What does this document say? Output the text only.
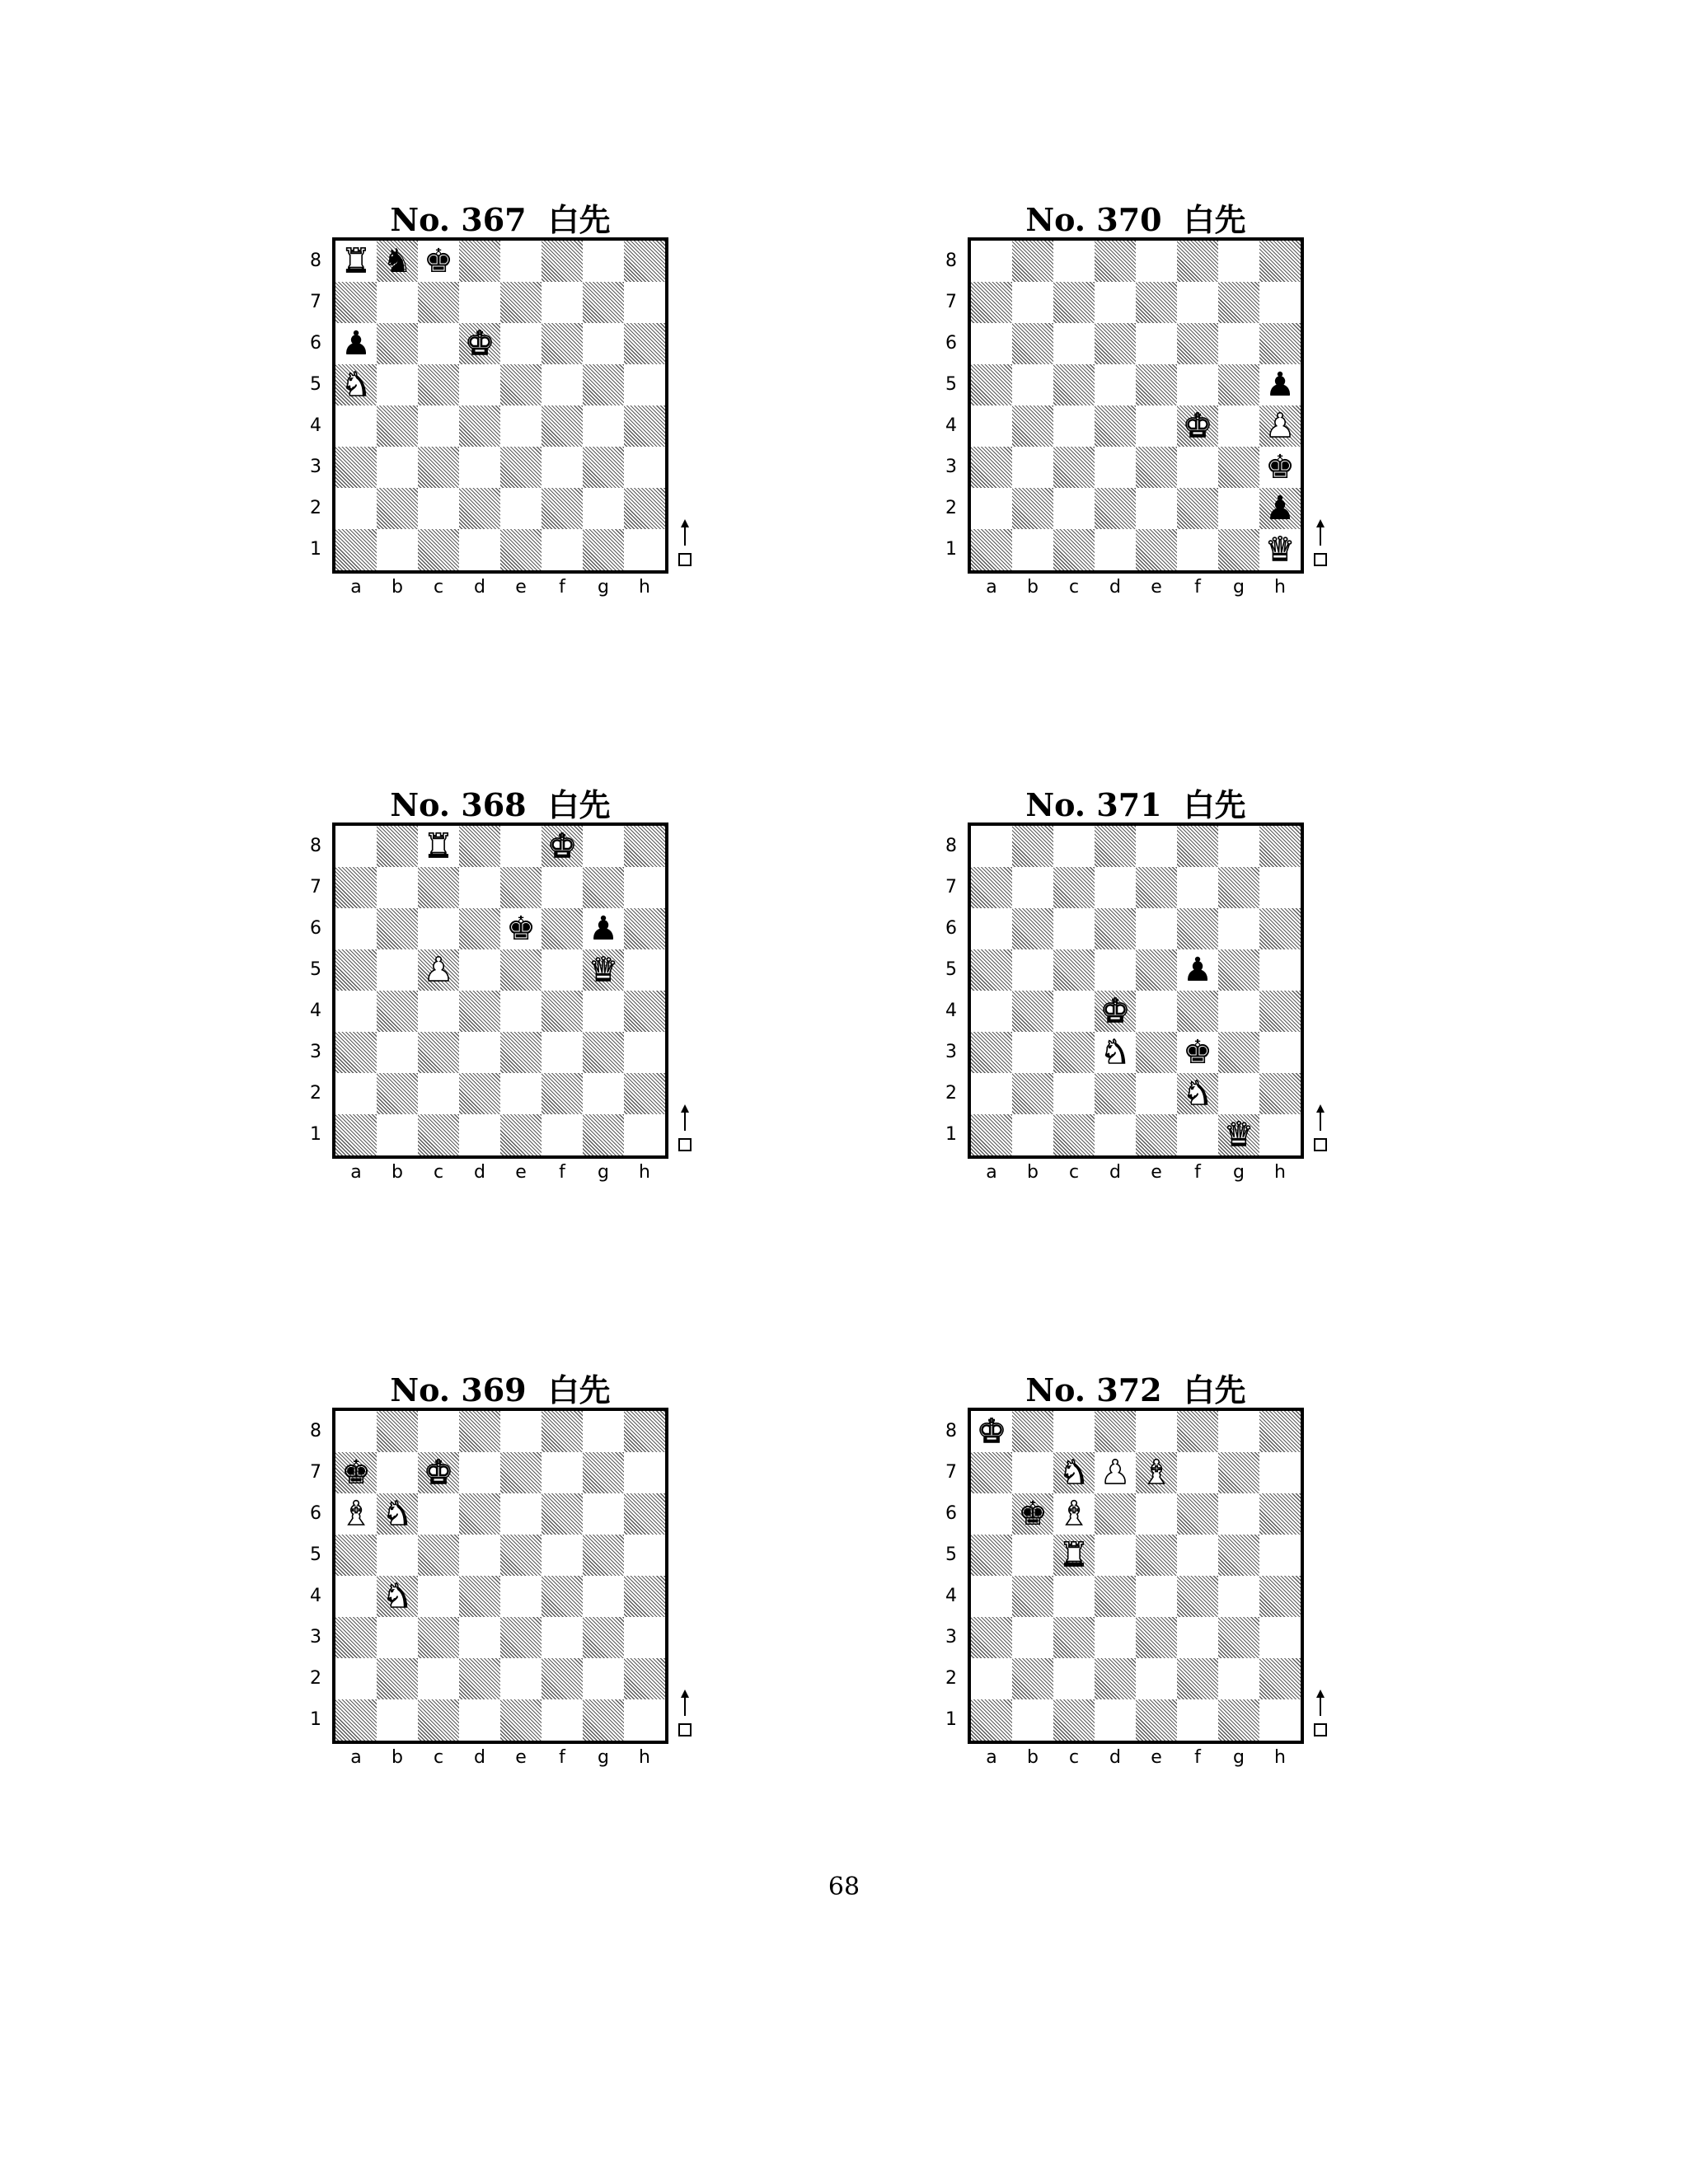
No. 367 白先
♜ ♞ ♚
♟	♚
♞
8
7
6
5
4
3
2
1
a	b	c	d	e	f	g	h
No. 370 白先
♟
♚ ♟
♚
♟
♛
8
7
6
5
4
3
2
1
a	b	c	d	e	f	g	h
No. 368 白先
♜	♚
♚ ♟
♟	♛
8
7
6
5
4
3
2
1
a	b	c	d	e	f	g	h
No. 371 白先
♟
♚
♞ ♚
♞
♛
8
7
6
5
4
3
2
1
a	b	c	d	e	f	g	h
No. 369 白先
♚ ♚
♝ ♞
♞
8
7
6
5
4
3
2
1
a	b	c	d	e	f	g	h
No. 372 白先
♚
♞ ♟ ♝
♚ ♝
♜
8
7
6
5
4
3
2
1
a	b	c	d	e	f	g	h
68
